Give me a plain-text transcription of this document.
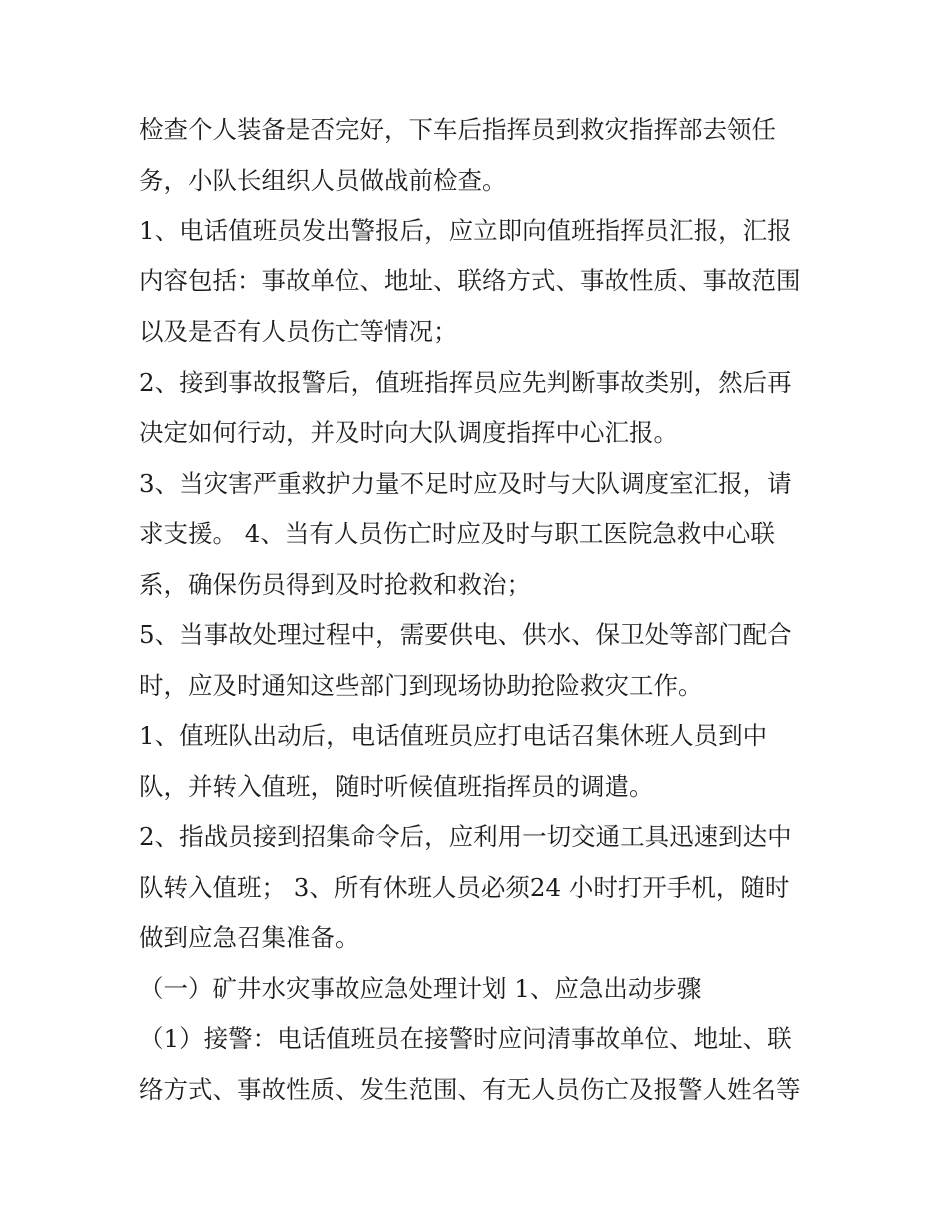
检查个人装备是否完好，下车后指挥员到救灾指挥部去领任

务，小队长组织人员做战前检查。

1、电话值班员发出警报后，应立即向值班指挥员汇报，汇报

内容包括：事故单位、地址、联络方式、事故性质、事故范围

以及是否有人员伤亡等情况；

2、接到事故报警后，值班指挥员应先判断事故类别，然后再

决定如何行动，并及时向大队调度指挥中心汇报。

3、当灾害严重救护力量不足时应及时与大队调度室汇报，请

求支援。 4、当有人员伤亡时应及时与职工医院急救中心联

系，确保伤员得到及时抢救和救治；

5、当事故处理过程中，需要供电、供水、保卫处等部门配合

时，应及时通知这些部门到现场协助抢险救灾工作。

1、值班队出动后，电话值班员应打电话召集休班人员到中

队，并转入值班，随时听候值班指挥员的调遣。

2、指战员接到招集命令后，应利用一切交通工具迅速到达中

队转入值班； 3、所有休班人员必须24 小时打开手机，随时

做到应急召集准备。

（一）矿井水灾事故应急处理计划 1、应急出动步骤

（1）接警：电话值班员在接警时应问清事故单位、地址、联

络方式、事故性质、发生范围、有无人员伤亡及报警人姓名等
